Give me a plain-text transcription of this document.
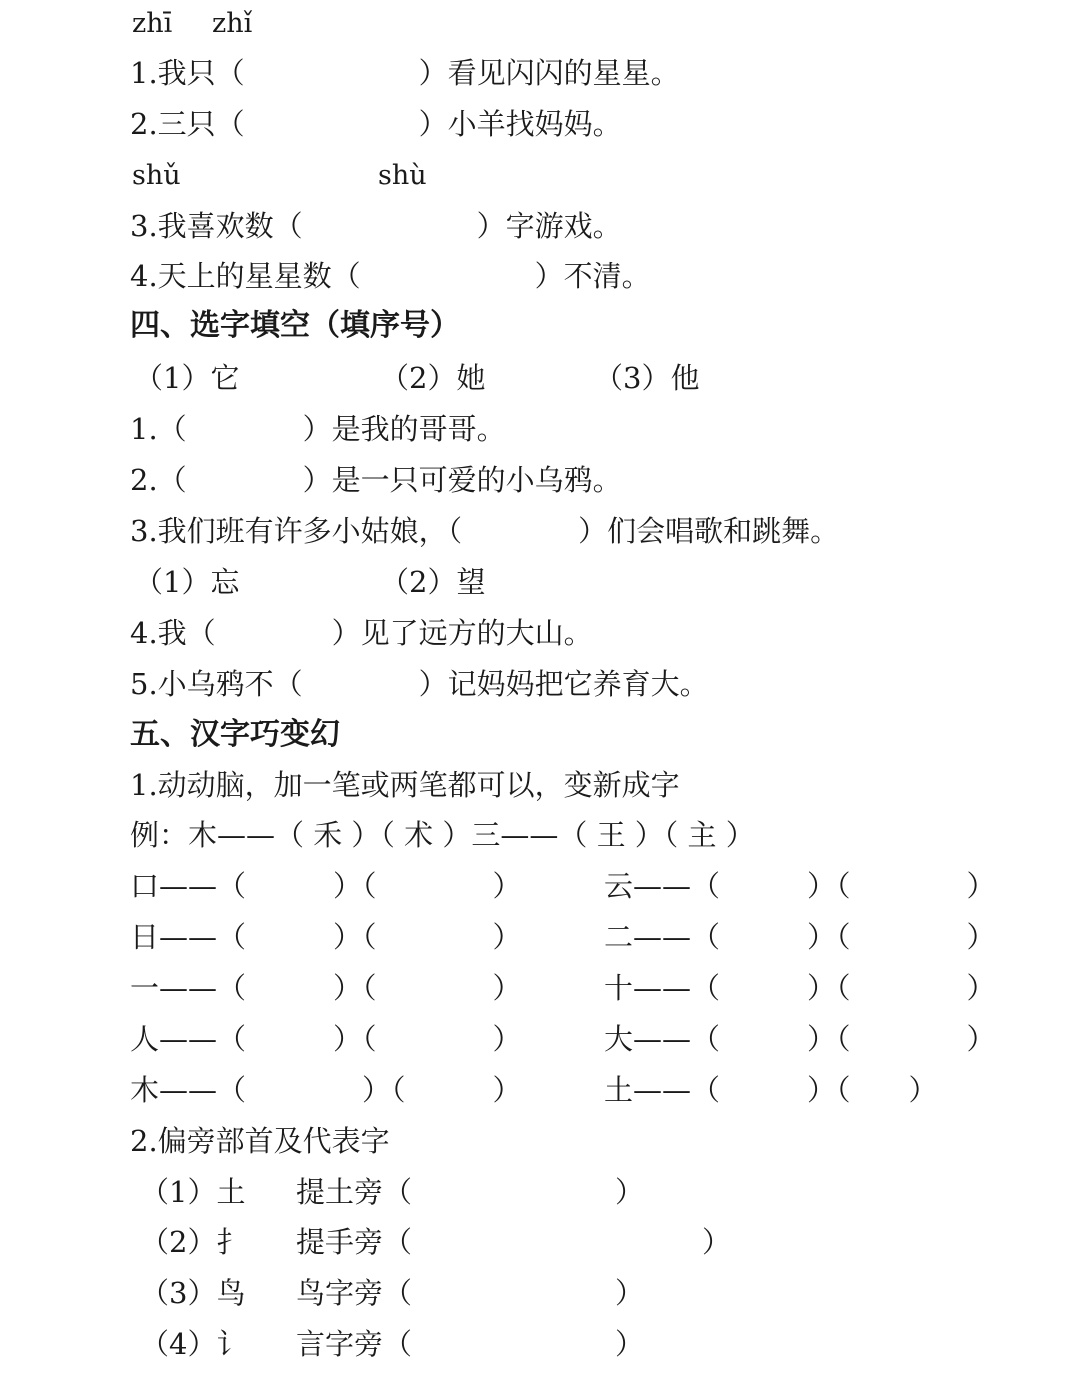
zhī zhǐ
1.我只（　　　　　　）看见闪闪的星星。
2.三只（　　　　　　）小羊找妈妈。
shǔ	shù
3.我喜欢数（　　　　　　）字游戏。
4.天上的星星数（　　　　　　）不清。
四、选字填空（填序号）
（1）它	（2）她	（3）他
1.（　　　　）是我的哥哥。
2.（　　　　）是一只可爱的小乌鸦。
3.我们班有许多小姑娘，（　　　　）们会唱歌和跳舞。
（1）忘	（2）望
4.我（　　　　）见了远方的大山。
5.小乌鸦不（　　　　）记妈妈把它养育大。
五、汉字巧变幻
1.动动脑，加一笔或两笔都可以，变新成字
例：木——（ 禾 ）（ 术 ）三——（ 王 ）（ 主 ）
口——（　　　）（　　　　）	云——（　　　）（　　　　）
日——（　　　）（　　　　）	二——（　　　）（　　　　）
一——（　　　）（　　　　）	十——（　　　）（　　　　）
人——（　　　）（　　　　）	大——（　　　）（　　　　）
木——（　　　　）（　　　）	土——（　　　）（　　）
2.偏旁部首及代表字
（1）土 提土旁（　　　　　　　）
（2）扌 提手旁（　　　　　　　　　　）
（3）鸟 鸟字旁（　　　　　　　）
（4）讠 言字旁（　　　　　　　）
